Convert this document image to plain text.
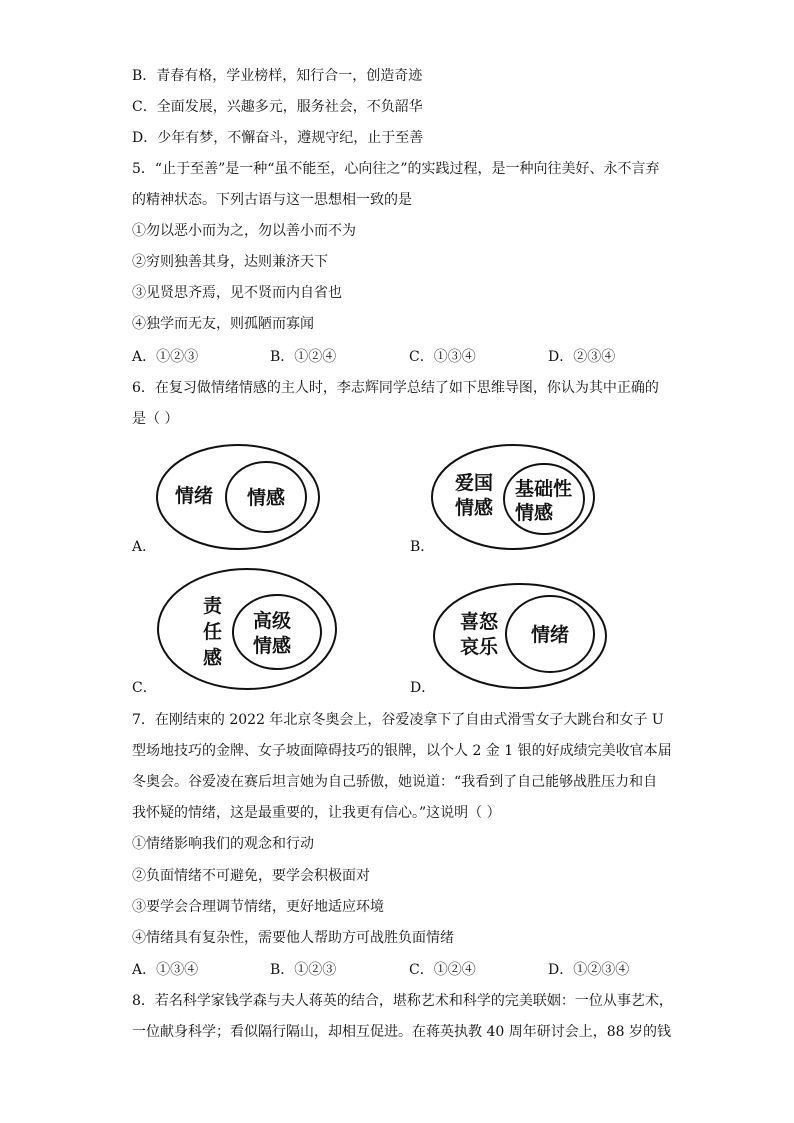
B．青春有格，学业榜样，知行合一，创造奇迹
C．全面发展，兴趣多元，服务社会，不负韶华
D．少年有梦，不懈奋斗，遵规守纪，止于至善
5．“止于至善”是一种“虽不能至，心向往之”的实践过程，是一种向往美好、永不言弃
的精神状态。下列古语与这一思想相一致的是
①勿以恶小而为之，勿以善小而不为
②穷则独善其身，达则兼济天下
③见贤思齐焉，见不贤而内自省也
④独学而无友，则孤陋而寡闻
A．①②③	B．①②④	C．①③④	D．②③④
6．在复习做情绪情感的主人时，李志辉同学总结了如下思维导图，你认为其中正确的
是（ ）
情绪 情感
A．
爱国
情感
基础性
情感
B．
责
任
感
高级
情感
C．
喜怒
哀乐
情绪
D．
7．在刚结束的 2022 年北京冬奥会上，谷爱凌拿下了自由式滑雪女子大跳台和女子 U
型场地技巧的金牌、女子坡面障碍技巧的银牌，以个人 2 金 1 银的好成绩完美收官本届
冬奥会。谷爱凌在赛后坦言她为自己骄傲，她说道：“我看到了自己能够战胜压力和自
我怀疑的情绪，这是最重要的，让我更有信心。”这说明（ ）
①情绪影响我们的观念和行动
②负面情绪不可避免，要学会积极面对
③要学会合理调节情绪，更好地适应环境
④情绪具有复杂性，需要他人帮助方可战胜负面情绪
A．①③④	B．①②③	C．①②④	D．①②③④
8．若名科学家钱学森与夫人蒋英的结合，堪称艺术和科学的完美联姻：一位从事艺术，
一位献身科学；看似隔行隔山，却相互促进。在蒋英执教 40 周年研讨会上，88 岁的钱
